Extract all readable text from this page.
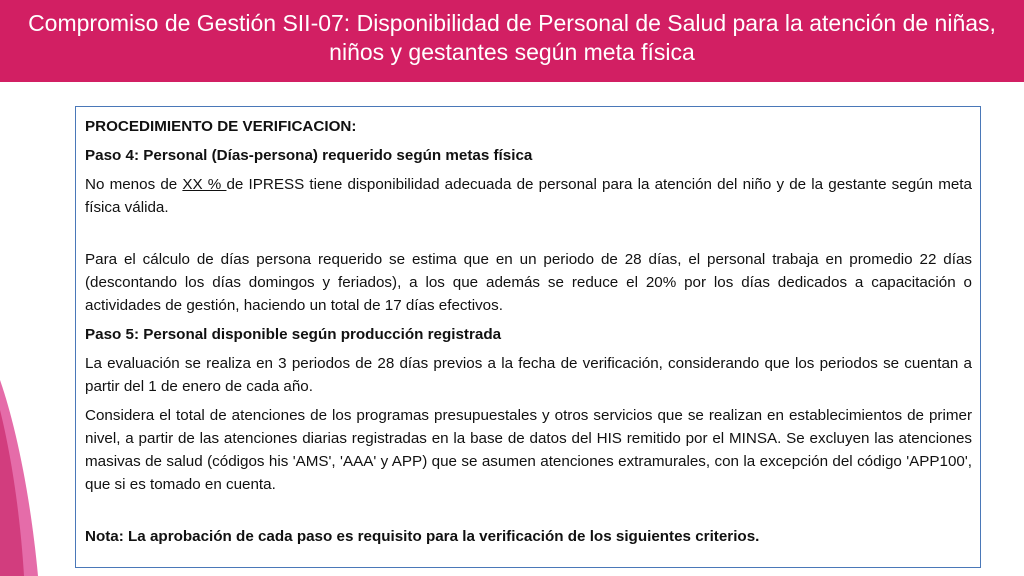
Compromiso de Gestión SII-07: Disponibilidad de Personal de Salud para la atención de niñas, niños y gestantes según meta física

PROCEDIMIENTO DE VERIFICACION:

Paso 4: Personal (Días-persona) requerido según metas física

No menos de XX % de IPRESS tiene disponibilidad adecuada de personal para la atención del niño y de la gestante según meta física válida.

Para el cálculo de días persona requerido se estima que en un periodo de 28 días, el personal trabaja en promedio 22 días (descontando los días domingos y feriados), a los que además se reduce el 20% por los días dedicados a capacitación o actividades de gestión, haciendo un total de 17 días efectivos.

Paso 5: Personal disponible según producción registrada

La evaluación se realiza en 3 periodos de 28 días previos a la fecha de verificación, considerando que los periodos se cuentan a partir del 1 de enero de cada año.

Considera el total de atenciones de los programas presupuestales y otros servicios que se realizan en establecimientos de primer nivel, a partir de las atenciones diarias registradas en la base de datos del HIS remitido por el MINSA. Se excluyen las atenciones masivas de salud (códigos his 'AMS', 'AAA' y APP) que se asumen atenciones extramurales, con la excepción del código 'APP100', que si es tomado en cuenta.

Nota: La aprobación de cada paso es requisito para la verificación de los siguientes criterios.
